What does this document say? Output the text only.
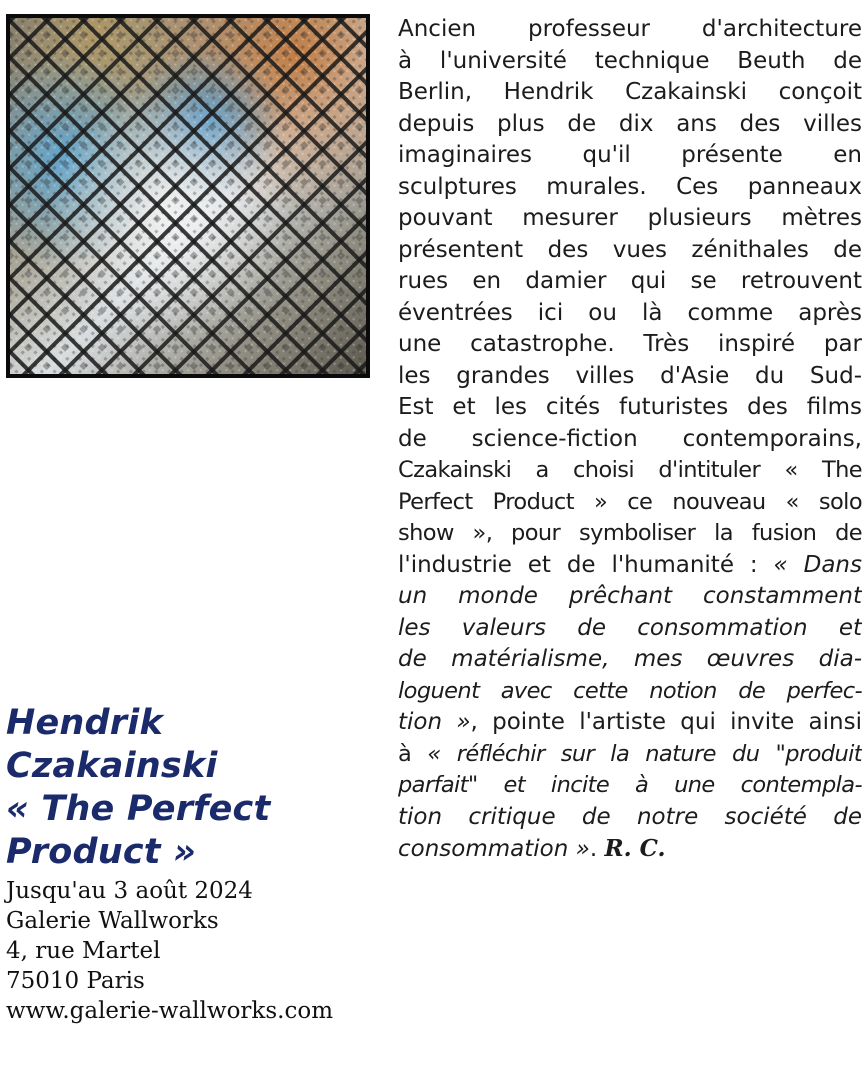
Hendrik
Czakainski
« The Perfect
Product »
Jusqu'au 3 août 2024
Galerie Wallworks
4, rue Martel
75010 Paris
www.galerie-wallworks.com
Ancien professeur d'architecture
à l'université technique Beuth de
Berlin, Hendrik Czakainski conçoit
depuis plus de dix ans des villes
imaginaires qu'il présente en
sculptures murales. Ces panneaux
pouvant mesurer plusieurs mètres
présentent des vues zénithales de
rues en damier qui se retrouvent
éventrées ici ou là comme après
une catastrophe. Très inspiré par
les grandes villes d'Asie du Sud-
Est et les cités futuristes des films
de science-fiction contemporains,
Czakainski a choisi d'intituler « The
Perfect Product » ce nouveau « solo
show », pour symboliser la fusion de
l'industrie et de l'humanité : « Dans
un monde prêchant constamment
les valeurs de consommation et
de matérialisme, mes œuvres dia-
loguent avec cette notion de perfec-
tion », pointe l'artiste qui invite ainsi
à « réfléchir sur la nature du "produit
parfait" et incite à une contempla-
tion critique de notre société de
consommation ». R. C.
